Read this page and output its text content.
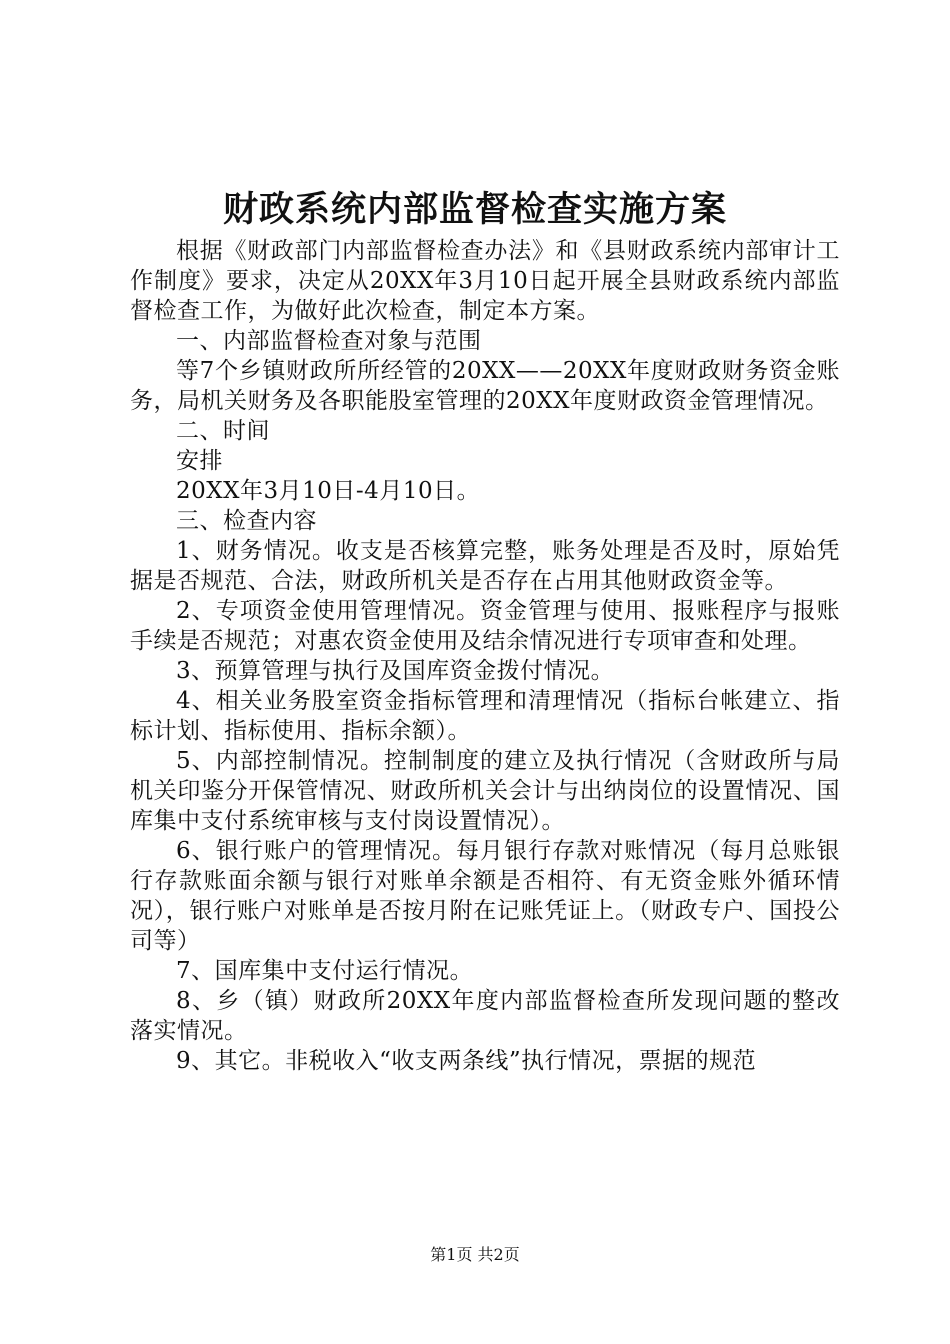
财政系统内部监督检查实施方案

根据《财政部门内部监督检查办法》和《县财政系统内部审计工作制度》要求，决定从20XX年3月10日起开展全县财政系统内部监督检查工作，为做好此次检查，制定本方案。

一、内部监督检查对象与范围

等7个乡镇财政所所经管的20XX——20XX年度财政财务资金账务，局机关财务及各职能股室管理的20XX年度财政资金管理情况。

二、时间

安排

20XX年3月10日-4月10日。

三、检查内容

1、财务情况。收支是否核算完整，账务处理是否及时，原始凭据是否规范、合法，财政所机关是否存在占用其他财政资金等。

2、专项资金使用管理情况。资金管理与使用、报账程序与报账手续是否规范；对惠农资金使用及结余情况进行专项审查和处理。

3、预算管理与执行及国库资金拨付情况。

4、相关业务股室资金指标管理和清理情况（指标台帐建立、指标计划、指标使用、指标余额）。

5、内部控制情况。控制制度的建立及执行情况（含财政所与局机关印鉴分开保管情况、财政所机关会计与出纳岗位的设置情况、国库集中支付系统审核与支付岗设置情况）。

6、银行账户的管理情况。每月银行存款对账情况（每月总账银行存款账面余额与银行对账单余额是否相符、有无资金账外循环情况），银行账户对账单是否按月附在记账凭证上。（财政专户、国投公司等）

7、国库集中支付运行情况。

8、乡（镇）财政所20XX年度内部监督检查所发现问题的整改落实情况。

9、其它。非税收入“收支两条线”执行情况，票据的规范

第1页 共2页
